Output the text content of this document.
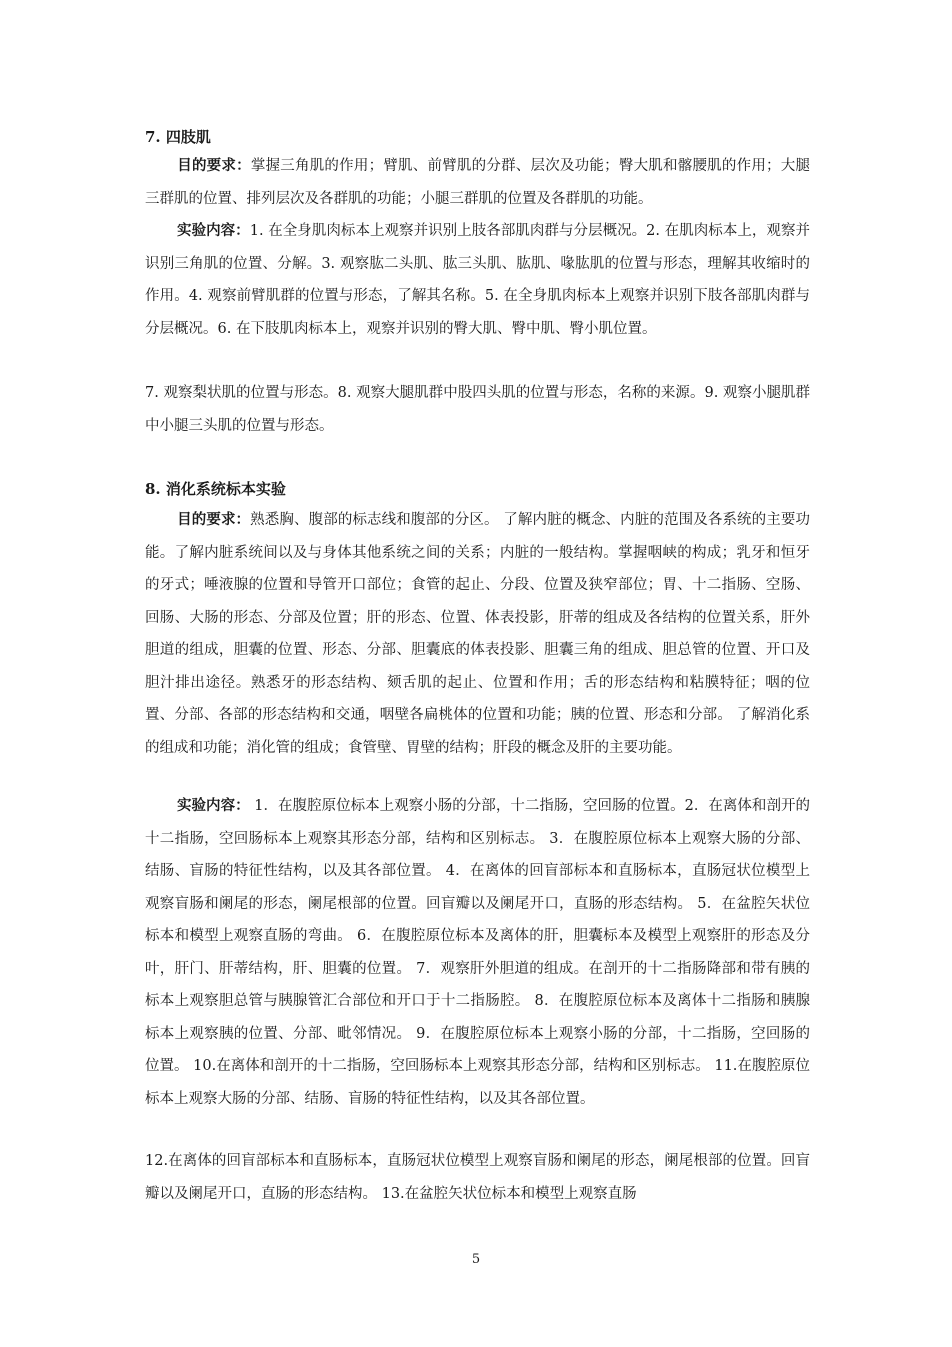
7. 四肢肌

目的要求：掌握三角肌的作用；臂肌、前臂肌的分群、层次及功能；臀大肌和髂腰肌的作用；大腿三群肌的位置、排列层次及各群肌的功能；小腿三群肌的位置及各群肌的功能。

实验内容：1. 在全身肌肉标本上观察并识别上肢各部肌肉群与分层概况。2. 在肌肉标本上，观察并识别三角肌的位置、分解。3. 观察肱二头肌、肱三头肌、肱肌、喙肱肌的位置与形态，理解其收缩时的作用。4. 观察前臂肌群的位置与形态，了解其名称。5. 在全身肌肉标本上观察并识别下肢各部肌肉群与分层概况。6. 在下肢肌肉标本上，观察并识别的臀大肌、臀中肌、臀小肌位置。

7. 观察梨状肌的位置与形态。8. 观察大腿肌群中股四头肌的位置与形态，名称的来源。9. 观察小腿肌群中小腿三头肌的位置与形态。

8. 消化系统标本实验

目的要求：熟悉胸、腹部的标志线和腹部的分区。 了解内脏的概念、内脏的范围及各系统的主要功能。了解内脏系统间以及与身体其他系统之间的关系；内脏的一般结构。掌握咽峡的构成；乳牙和恒牙的牙式；唾液腺的位置和导管开口部位；食管的起止、分段、位置及狭窄部位；胃、十二指肠、空肠、回肠、大肠的形态、分部及位置；肝的形态、位置、体表投影，肝蒂的组成及各结构的位置关系，肝外胆道的组成，胆囊的位置、形态、分部、胆囊底的体表投影、胆囊三角的组成、胆总管的位置、开口及胆汁排出途径。熟悉牙的形态结构、颏舌肌的起止、位置和作用；舌的形态结构和粘膜特征；咽的位置、分部、各部的形态结构和交通，咽壁各扁桃体的位置和功能；胰的位置、形态和分部。 了解消化系的组成和功能；消化管的组成；食管壁、胃壁的结构；肝段的概念及肝的主要功能。

实验内容： 1．在腹腔原位标本上观察小肠的分部，十二指肠，空回肠的位置。2．在离体和剖开的十二指肠，空回肠标本上观察其形态分部，结构和区别标志。 3．在腹腔原位标本上观察大肠的分部、结肠、盲肠的特征性结构，以及其各部位置。 4．在离体的回盲部标本和直肠标本，直肠冠状位模型上观察盲肠和阑尾的形态，阑尾根部的位置。回盲瓣以及阑尾开口，直肠的形态结构。 5．在盆腔矢状位标本和模型上观察直肠的弯曲。 6．在腹腔原位标本及离体的肝，胆囊标本及模型上观察肝的形态及分叶，肝门、肝蒂结构，肝、胆囊的位置。 7．观察肝外胆道的组成。在剖开的十二指肠降部和带有胰的标本上观察胆总管与胰腺管汇合部位和开口于十二指肠腔。 8．在腹腔原位标本及离体十二指肠和胰腺标本上观察胰的位置、分部、毗邻情况。 9．在腹腔原位标本上观察小肠的分部，十二指肠，空回肠的位置。 10.在离体和剖开的十二指肠，空回肠标本上观察其形态分部，结构和区别标志。 11.在腹腔原位标本上观察大肠的分部、结肠、盲肠的特征性结构，以及其各部位置。

12.在离体的回盲部标本和直肠标本，直肠冠状位模型上观察盲肠和阑尾的形态，阑尾根部的位置。回盲瓣以及阑尾开口，直肠的形态结构。 13.在盆腔矢状位标本和模型上观察直肠

5
